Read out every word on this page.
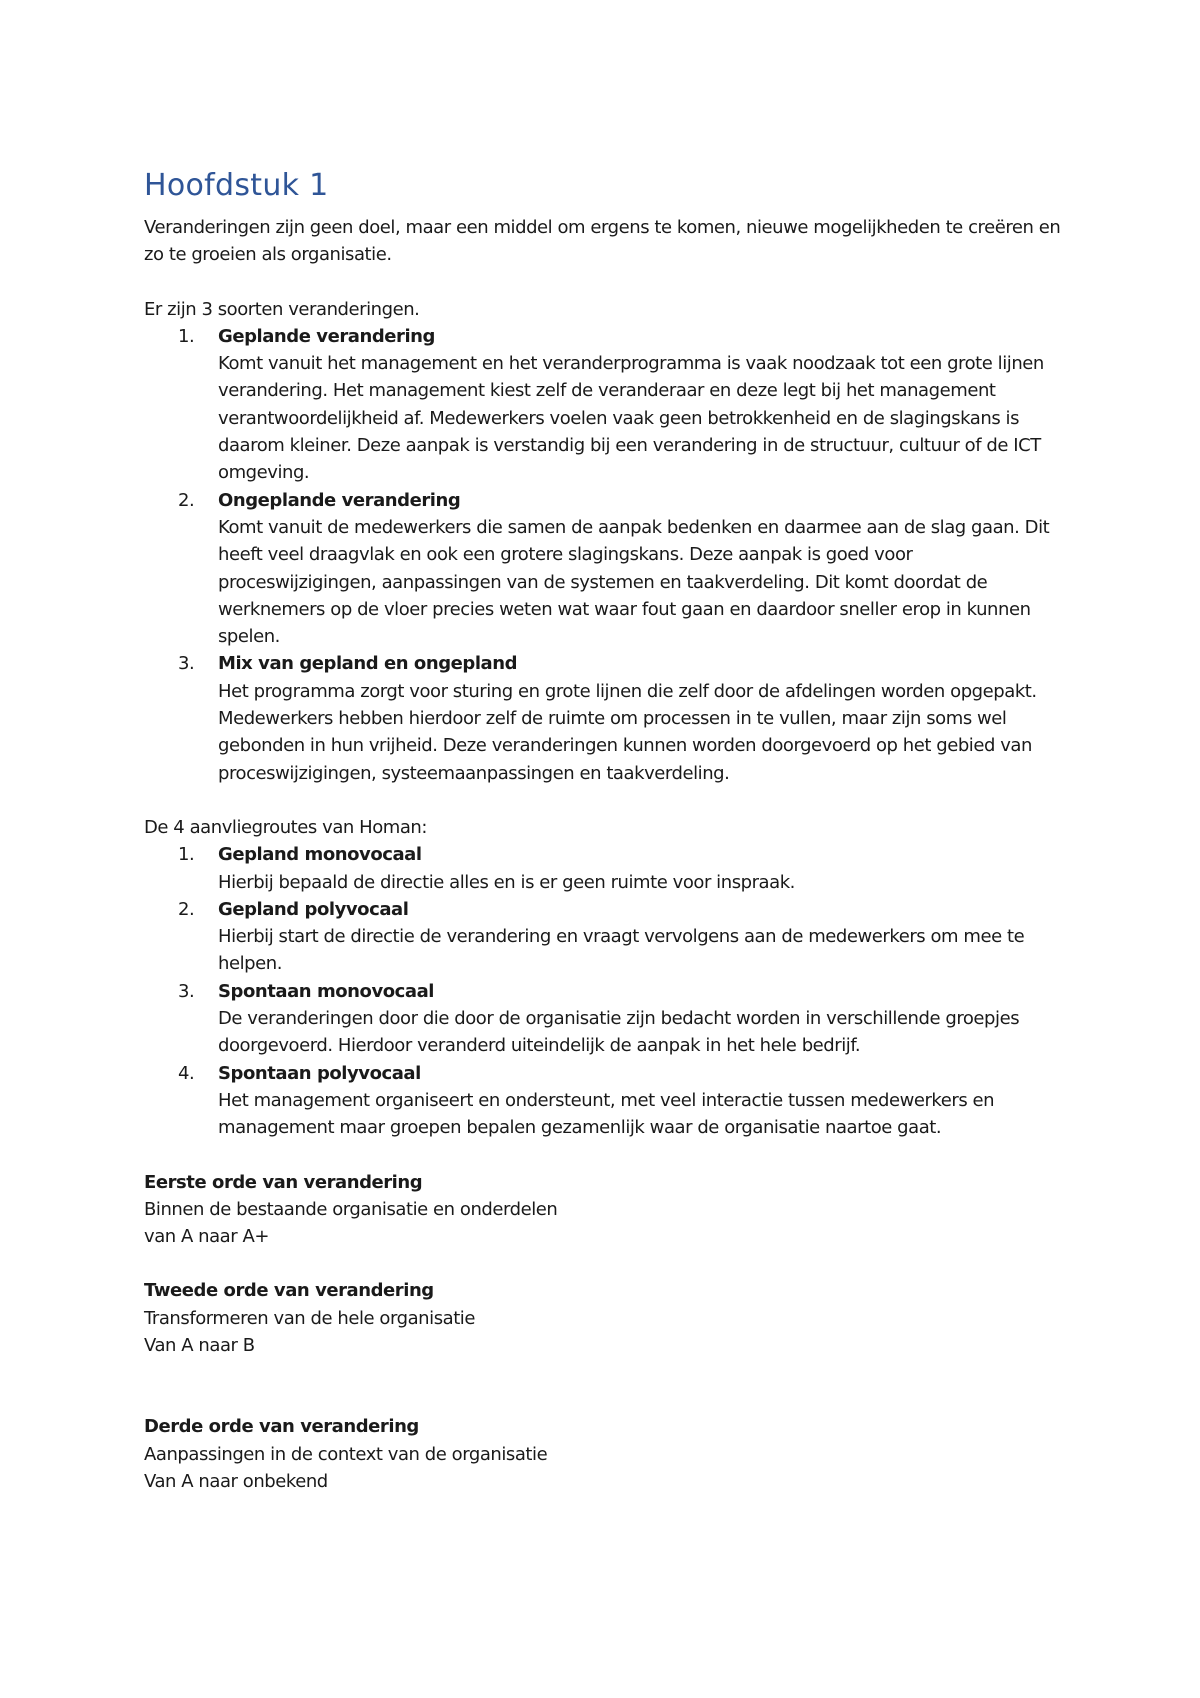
Hoofdstuk 1

Veranderingen zijn geen doel, maar een middel om ergens te komen, nieuwe mogelijkheden te creëren en zo te groeien als organisatie.

Er zijn 3 soorten veranderingen.

1. Geplande verandering
Komt vanuit het management en het veranderprogramma is vaak noodzaak tot een grote lijnen verandering. Het management kiest zelf de veranderaar en deze legt bij het management verantwoordelijkheid af. Medewerkers voelen vaak geen betrokkenheid en de slagingskans is daarom kleiner. Deze aanpak is verstandig bij een verandering in de structuur, cultuur of de ICT omgeving.
2. Ongeplande verandering
Komt vanuit de medewerkers die samen de aanpak bedenken en daarmee aan de slag gaan. Dit heeft veel draagvlak en ook een grotere slagingskans. Deze aanpak is goed voor proceswijzigingen, aanpassingen van de systemen en taakverdeling. Dit komt doordat de werknemers op de vloer precies weten wat waar fout gaan en daardoor sneller erop in kunnen spelen.
3. Mix van gepland en ongepland
Het programma zorgt voor sturing en grote lijnen die zelf door de afdelingen worden opgepakt. Medewerkers hebben hierdoor zelf de ruimte om processen in te vullen, maar zijn soms wel gebonden in hun vrijheid. Deze veranderingen kunnen worden doorgevoerd op het gebied van proceswijzigingen, systeemaanpassingen en taakverdeling.

De 4 aanvliegroutes van Homan:

1. Gepland monovocaal
Hierbij bepaald de directie alles en is er geen ruimte voor inspraak.
2. Gepland polyvocaal
Hierbij start de directie de verandering en vraagt vervolgens aan de medewerkers om mee te helpen.
3. Spontaan monovocaal
De veranderingen door die door de organisatie zijn bedacht worden in verschillende groepjes doorgevoerd. Hierdoor veranderd uiteindelijk de aanpak in het hele bedrijf.
4. Spontaan polyvocaal
Het management organiseert en ondersteunt, met veel interactie tussen medewerkers en management maar groepen bepalen gezamenlijk waar de organisatie naartoe gaat.

Eerste orde van verandering

Binnen de bestaande organisatie en onderdelen

van A naar A+

Tweede orde van verandering

Transformeren van de hele organisatie

Van A naar B

Derde orde van verandering

Aanpassingen in de context van de organisatie

Van A naar onbekend
